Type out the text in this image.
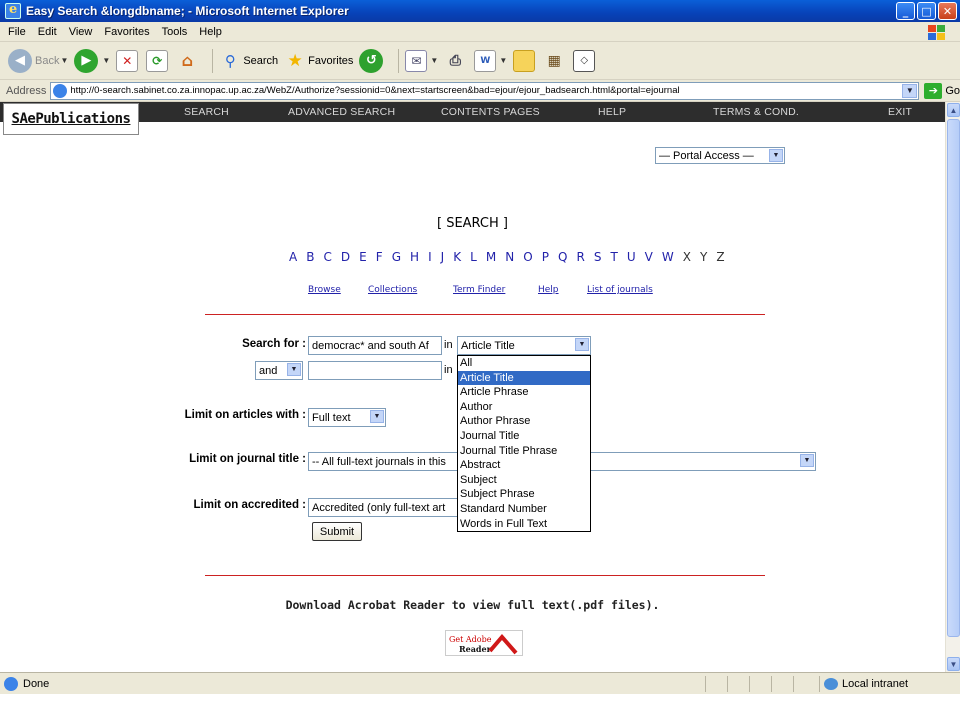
e
Easy Search &longdbname; - Microsoft Internet Explorer	_	□	✕
File Edit View Favorites Tools Help
◀ Back ▼	▶	▼ ✕	⟳	⌂	⚲ Search ★ Favorites ↺	✉	▼ ⎙	W	▼	▦	◇
Address	http://0-search.sabinet.co.za.innopac.up.ac.za/WebZ/Authorize?sessionid=0&next=startscreen&bad=ejour/ejour_badsearch.html&portal=ejournal	▼	➔ Go
SEARCH	ADVANCED SEARCH	CONTENTS PAGES	HELP	TERMS & COND.	EXIT
SAePublications
— Portal Access —	▼
[ SEARCH ]
A B C D E F G H I J K L M N O P Q R S T U V W X Y Z
Browse	Collections	Term Finder	Help	List of journals
Search for : democrac* and south Af	in Article Title	▼
and	▼	in
Limit on articles with : Full text	▼
Limit on journal title : -- All full-text journals in this	▼
Limit on accredited : Accredited (only full-text art
Submit
All
Article Title
Article Phrase
Author
Author Phrase
Journal Title
Journal Title Phrase
Abstract
Subject
Subject Phrase
Standard Number
Words in Full Text
Download Acrobat Reader to view full text(.pdf files).
Get Adobe
Reader
▲
▼
Done	Local intranet
